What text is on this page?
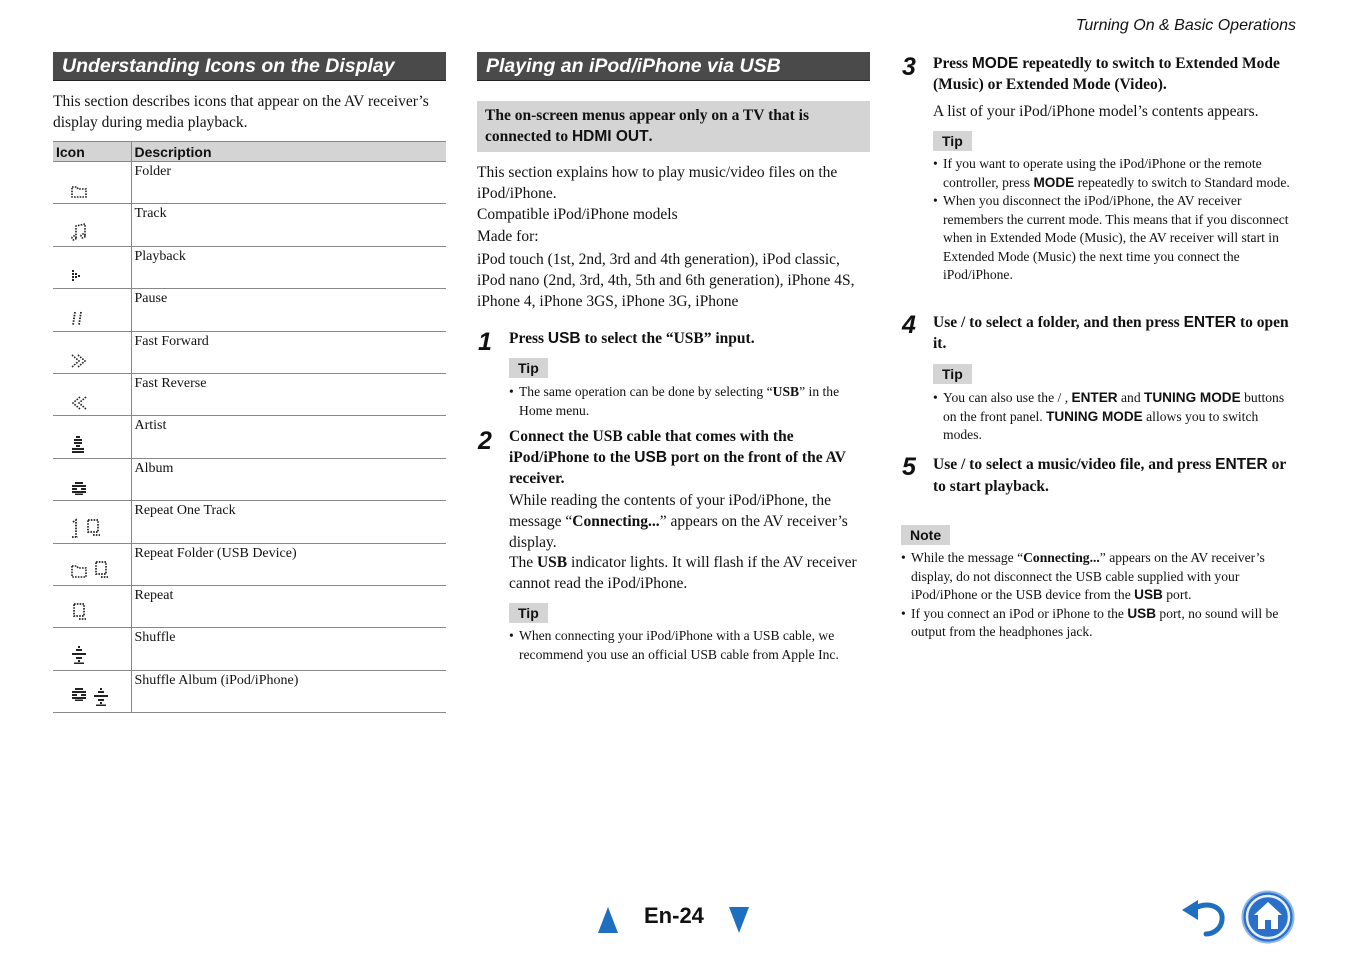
Turning On & Basic Operations
Understanding Icons on the Display
This section describes icons that appear on the AV receiver’s display during media playback.
Icon	Description

	Folder

	Track

	Playback

	Pause

	Fast Forward

	Fast Reverse

	Artist

	Album

	Repeat One Track

	Repeat Folder (USB Device)

	Repeat

	Shuffle

	Shuffle Album (iPod/iPhone)
Playing an iPod/iPhone via USB
The on-screen menus appear only on a TV that is connected to HDMI OUT.
This section explains how to play music/video files on the iPod/iPhone.
Compatible iPod/iPhone models
Made for:
iPod touch (1st, 2nd, 3rd and 4th generation), iPod classic, iPod nano (2nd, 3rd, 4th, 5th and 6th generation), iPhone 4S, iPhone 4, iPhone 3GS, iPhone 3G, iPhone
1 Press USB to select the “USB” input.
Tip
• The same operation can be done by selecting “USB” in the Home menu.
2 Connect the USB cable that comes with the iPod/iPhone to the USB port on the front of the AV receiver.
While reading the contents of your iPod/iPhone, the message “Connecting...” appears on the AV receiver’s display.
The USB indicator lights. It will flash if the AV receiver cannot read the iPod/iPhone.
Tip
• When connecting your iPod/iPhone with a USB cable, we recommend you use an official USB cable from Apple Inc.
3 Press MODE repeatedly to switch to Extended Mode (Music) or Extended Mode (Video).
A list of your iPod/iPhone model’s contents appears.
Tip
• If you want to operate using the iPod/iPhone or the remote controller, press MODE repeatedly to switch to Standard mode.
• When you disconnect the iPod/iPhone, the AV receiver remembers the current mode. This means that if you disconnect when in Extended Mode (Music), the AV receiver will start in Extended Mode (Music) the next time you connect the iPod/iPhone.
4 Use / to select a folder, and then press ENTER to open it.
Tip
• You can also use the / , ENTER and TUNING MODE buttons on the front panel. TUNING MODE allows you to switch modes.
5 Use / to select a music/video file, and press ENTER or to start playback.
Note
• While the message “Connecting...” appears on the AV receiver’s display, do not disconnect the USB cable supplied with your iPod/iPhone or the USB device from the USB port.
• If you connect an iPod or iPhone to the USB port, no sound will be output from the headphones jack.
En-24
